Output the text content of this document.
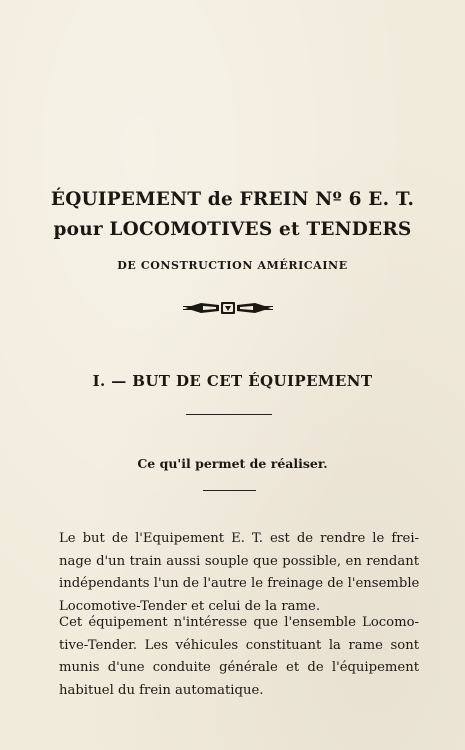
ÉQUIPEMENT de FREIN Nº 6 E. T.
pour LOCOMOTIVES et TENDERS
DE CONSTRUCTION AMÉRICAINE
I. — BUT DE CET ÉQUIPEMENT
Ce qu'il permet de réaliser.
Le but de l'Equipement E. T. est de rendre le frei-
nage d'un train aussi souple que possible, en rendant
indépendants l'un de l'autre le freinage de l'ensemble
Locomotive-Tender et celui de la rame.
Cet équipement n'intéresse que l'ensemble Locomo-
tive-Tender. Les véhicules constituant la rame sont
munis d'une conduite générale et de l'équipement
habituel du frein automatique.
